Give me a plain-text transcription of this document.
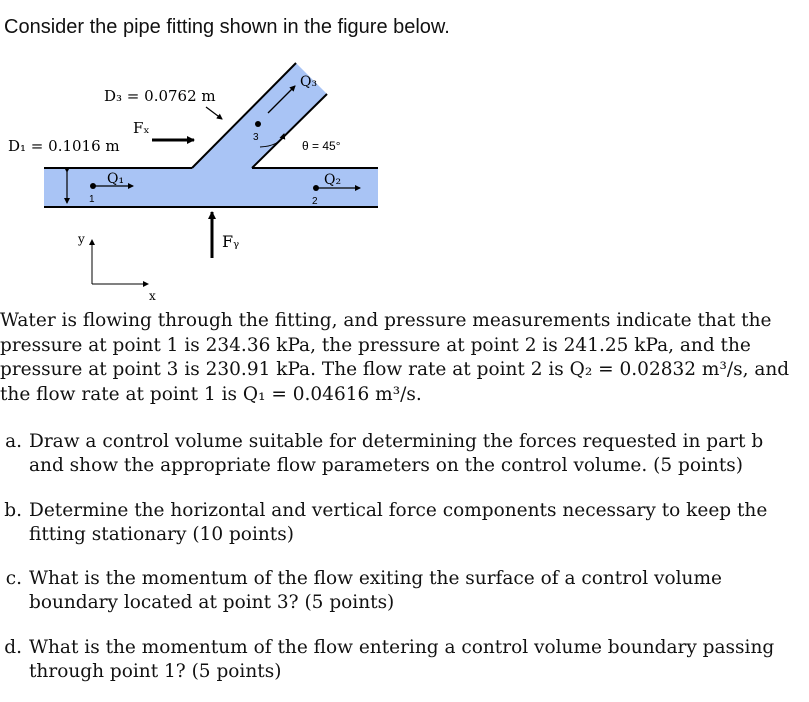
Consider the pipe fitting shown in the figure below.
Q₁
1
Q₂
2
Q₃
3
D₃ = 0.0762 m
Fₓ
D₁ = 0.1016 m	θ = 45°
Fᵧ
y
x
Water is flowing through the fitting, and pressure measurements indicate that the pressure at point 1 is 234.36 kPa, the pressure at point 2 is 241.25 kPa, and the pressure at point 3 is 230.91 kPa. The flow rate at point 2 is Q₂ = 0.02832 m³/s, and the flow rate at point 1 is Q₁ = 0.04616 m³/s.
a. Draw a control volume suitable for determining the forces requested in part b and show the appropriate flow parameters on the control volume. (5 points)
b. Determine the horizontal and vertical force components necessary to keep the fitting stationary (10 points)
c. What is the momentum of the flow exiting the surface of a control volume boundary located at point 3? (5 points)
d. What is the momentum of the flow entering a control volume boundary passing through point 1? (5 points)
